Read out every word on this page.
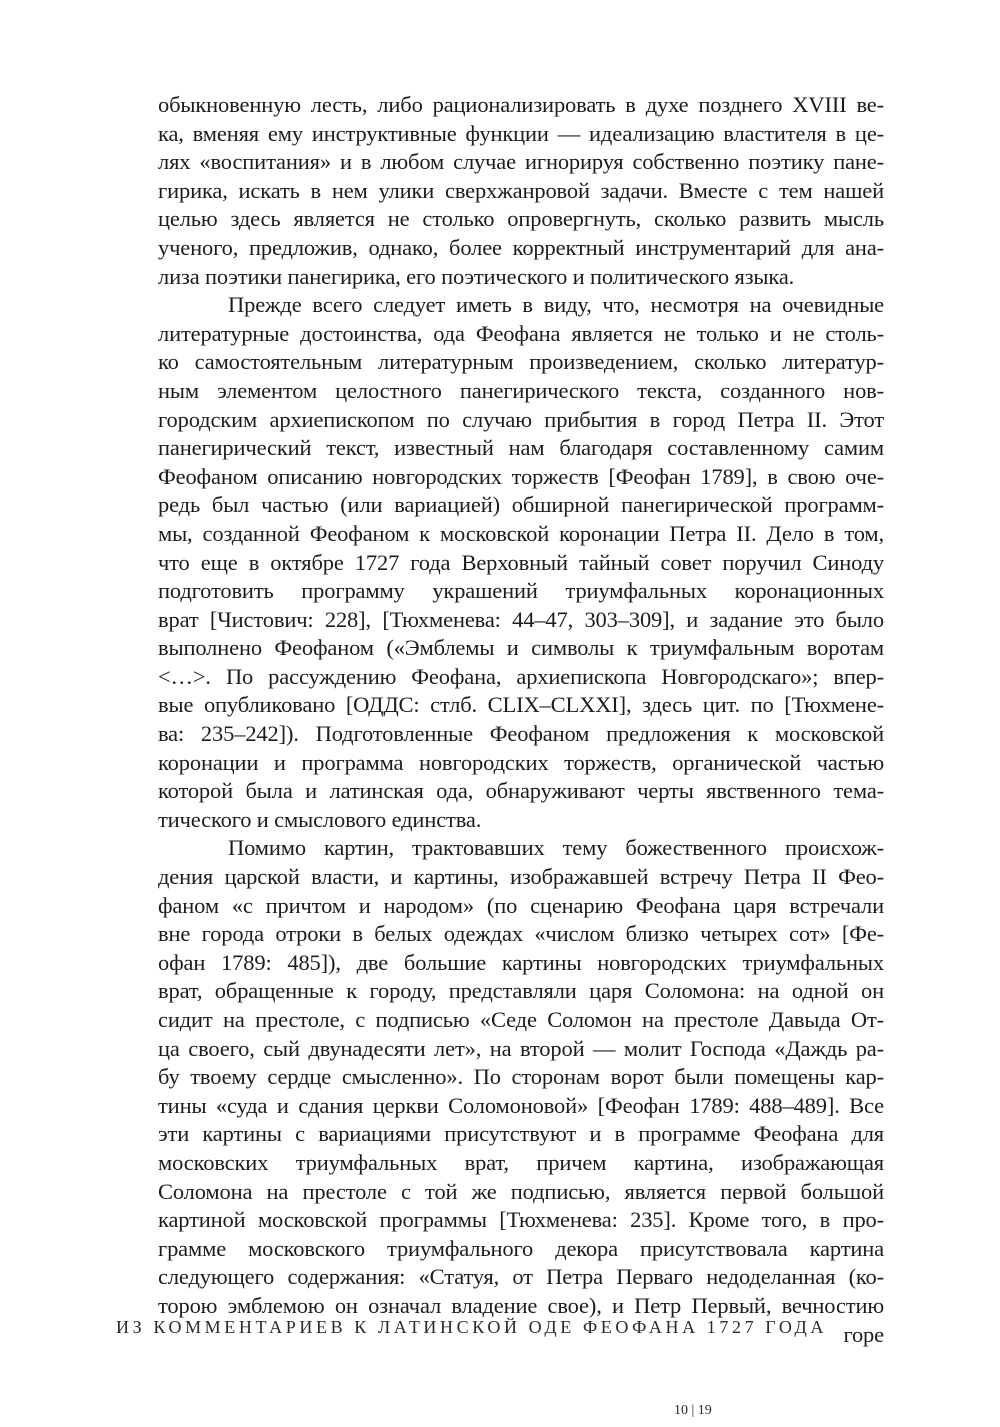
обыкновенную лесть, либо рационализировать в духе позднего XVIII ве-
ка, вменяя ему инструктивные функции — идеализацию властителя в це-
лях «воспитания» и в любом случае игнорируя собственно поэтику пане-
гирика, искать в нем улики сверхжанровой задачи. Вместе с тем нашей
целью здесь является не столько опровергнуть, сколько развить мысль
ученого, предложив, однако, более корректный инструментарий для ана-
лиза поэтики панегирика, его поэтического и политического языка.
Прежде всего следует иметь в виду, что, несмотря на очевидные
литературные достоинства, ода Феофана является не только и не столь-
ко самостоятельным литературным произведением, сколько литератур-
ным элементом целостного панегирического текста, созданного нов-
городским архиепископом по случаю прибытия в город Петра II. Этот
панегирический текст, известный нам благодаря составленному самим
Феофаном описанию новгородских торжеств [Феофан 1789], в свою оче-
редь был частью (или вариацией) обширной панегирической программ-
мы, созданной Феофаном к московской коронации Петра II. Дело в том,
что еще в октябре 1727 года Верховный тайный совет поручил Синоду
подготовить программу украшений триумфальных коронационных
врат [Чистович: 228], [Тюхменева: 44–47, 303–309], и задание это было
выполнено Феофаном («Эмблемы и символы к триумфальным воротам
<…>. По рассуждению Феофана, архиепископа Новгородскаго»; впер-
вые опубликовано [ОДДС: стлб. CLIX–CLXXI], здесь цит. по [Тюхмене-
ва: 235–242]). Подготовленные Феофаном предложения к московской
коронации и программа новгородских торжеств, органической частью
которой была и латинская ода, обнаруживают черты явственного тема-
тического и смыслового единства.
Помимо картин, трактовавших тему божественного происхож-
дения царской власти, и картины, изображавшей встречу Петра II Фео-
фаном «с причтом и народом» (по сценарию Феофана царя встречали
вне города отроки в белых одеждах «числом близко четырех сот» [Фе-
офан 1789: 485]), две большие картины новгородских триумфальных
врат, обращенные к городу, представляли царя Соломона: на одной он
сидит на престоле, с подписью «Седе Соломон на престоле Давыда От-
ца своего, сый двунадесяти лет», на второй — молит Господа «Даждь ра-
бу твоему сердце смысленно». По сторонам ворот были помещены кар-
тины «суда и сдания церкви Соломоновой» [Феофан 1789: 488–489]. Все
эти картины с вариациями присутствуют и в программе Феофана для
московских триумфальных врат, причем картина, изображающая
Соломона на престоле с той же подписью, является первой большой
картиной московской программы [Тюхменева: 235]. Кроме того, в про-
грамме московского триумфального декора присутствовала картина
следующего содержания: «Статуя, от Петра Перваго недоделанная (ко-
торою эмблемою он означал владение свое), и Петр Первый, вечностию
горе
ИЗ КОММЕНТАРИЕВ К ЛАТИНСКОЙ ОДЕ ФЕОФАНА 1727 ГОДА
10 | 19
